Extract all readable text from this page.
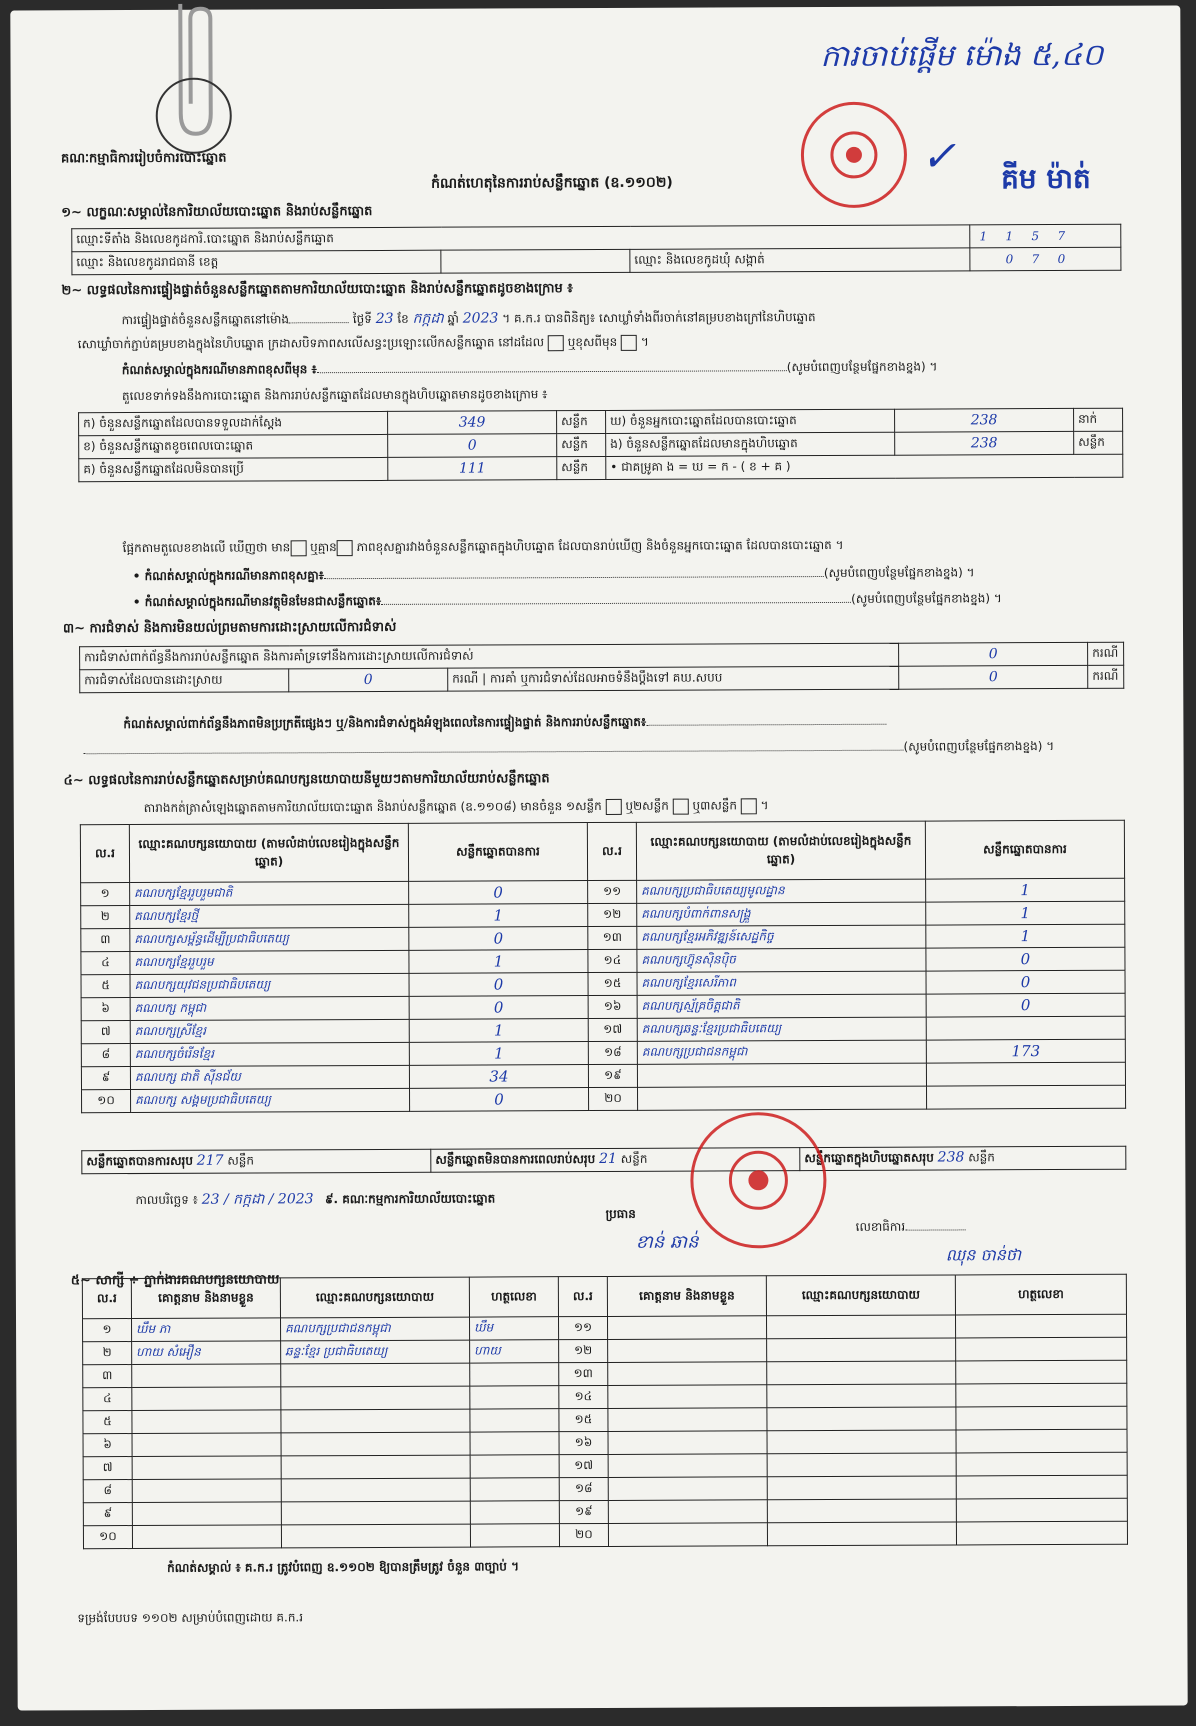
ការចាប់ផ្តើម ម៉ោង ៥,៤០
✓ គីម ម៉ាត់
គណៈកម្មាធិការរៀបចំការបោះឆ្នោត
កំណត់ហេតុនៃការរាប់សន្លឹកឆ្នោត (ឧ.១១០២)
១~ លក្ខណៈសម្គាល់នៃការិយាល័យបោះឆ្នោត និងរាប់សន្លឹកឆ្នោត
ឈ្មោះទីតាំង និងលេខកូដការិ.បោះឆ្នោត និងរាប់សន្លឹកឆ្នោត			1 1 5 7
ឈ្មោះ និងលេខកូដរាជធានី ខេត្ត		ឈ្មោះ និងលេខកូដឃុំ សង្កាត់	0 7 0
២~ លទ្ធផលនៃការផ្ទៀងផ្ទាត់ចំនួនសន្លឹកឆ្នោតតាមការិយាល័យបោះឆ្នោត និងរាប់សន្លឹកឆ្នោតដូចខាងក្រោម ៖
ការផ្ទៀងផ្ទាត់ចំនួនសន្លឹកឆ្នោតនៅម៉ោង	ថ្ងៃទី 23 ខែ កក្កដា ឆ្នាំ 2023 ។ គ.ក.រ បានពិនិត្យ៖ សោឃ្លាំទាំងពីរចាក់នៅគម្របខាងក្រៅនៃហិបឆ្នោត
សោឃ្លាំចាក់ភ្ជាប់គម្របខាងក្នុងនៃហិបឆ្នោត ក្រដាសបិទភាពសលើសន្ធះប្រឡោះលើកសន្លឹកឆ្នោត នៅដដែល ឬខុសពីមុន  ។
កំណត់សម្គាល់ក្នុងករណីមានភាពខុសពីមុន ៖	(សូមបំពេញបន្ថែមផ្នែកខាងខ្នង) ។
តួលេខទាក់ទងនឹងការបោះឆ្នោត និងការរាប់សន្លឹកឆ្នោតដែលមានក្នុងហិបឆ្នោតមានដូចខាងក្រោម ៖
ក) ចំនួនសន្លឹកឆ្នោតដែលបានទទួលដាក់ស្តែង	349	សន្លឹក	ឃ) ចំនួនអ្នកបោះឆ្នោតដែលបានបោះឆ្នោត	238	នាក់
ខ) ចំនួនសន្លឹកឆ្នោតខូចពេលបោះឆ្នោត	0	សន្លឹក	ង) ចំនួនសន្លឹកឆ្នោតដែលមានក្នុងហិបឆ្នោត	238	សន្លឹក
គ) ចំនួនសន្លឹកឆ្នោតដែលមិនបានប្រើ	111	សន្លឹក	• ជាគម្រូគា ង = ឃ = ក - ( ខ + គ )		
ផ្អែកតាមតួលេខខាងលើ ឃើញថា មាន ឬគ្មាន ភាពខុសគ្នារវាងចំនួនសន្លឹកឆ្នោតក្នុងហិបឆ្នោត ដែលបានរាប់ឃើញ និងចំនួនអ្នកបោះឆ្នោត ដែលបានបោះឆ្នោត ។
• កំណត់សម្គាល់ក្នុងករណីមានភាពខុសគ្នា៖	(សូមបំពេញបន្ថែមផ្នែកខាងខ្នង) ។
• កំណត់សម្គាល់ក្នុងករណីមានវត្ថុមិនមែនជាសន្លឹកឆ្នោត៖	(សូមបំពេញបន្ថែមផ្នែកខាងខ្នង) ។
៣~ ការជំទាស់ និងការមិនយល់ព្រមតាមការដោះស្រាយលើការជំទាស់
ការជំទាស់ពាក់ព័ន្ធនឹងការរាប់សន្លឹកឆ្នោត និងការគាំទ្រទៅនឹងការដោះស្រាយលើការជំទាស់			0	ករណី
ការជំទាស់ដែលបានដោះស្រាយ	0	ករណី | ការគាំ ឬការជំទាស់ដែលអាចទំនឹងប្តឹងទៅ គឃ.សបប	0	ករណី
កំណត់សម្គាល់ពាក់ព័ន្ធនឹងភាពមិនប្រក្រតីផ្សេងៗ ឬ/និងការជំទាស់ក្នុងអំឡុងពេលនៃការផ្ទៀងផ្ទាត់ និងការរាប់សន្លឹកឆ្នោត៖
(សូមបំពេញបន្ថែមផ្នែកខាងខ្នង) ។
៤~ លទ្ធផលនៃការរាប់សន្លឹកឆ្នោតសម្រាប់គណបក្សនយោបាយនីមួយៗតាមការិយាល័យរាប់សន្លឹកឆ្នោត
តារាងកត់ត្រាសំឡេងឆ្នោតតាមការិយាល័យបោះឆ្នោត និងរាប់សន្លឹកឆ្នោត (ឧ.១១០៨) មានចំនួន ១សន្លឹក ឬ២សន្លឹក ឬ៣សន្លឹក  ។
ល.រ	ឈ្មោះគណបក្សនយោបាយ (តាមលំដាប់លេខរៀងក្នុងសន្លឹកឆ្នោត)	សន្លឹកឆ្នោតបានការ	ល.រ	ឈ្មោះគណបក្សនយោបាយ (តាមលំដាប់លេខរៀងក្នុងសន្លឹកឆ្នោត)	សន្លឹកឆ្នោតបានការ
១	គណបក្សខ្មែររួបរួមជាតិ	0	១១	គណបក្សប្រជាធិបតេយ្យមូលដ្ឋាន	1
២	គណបក្សខ្មែរថ្មី	1	១២	គណបក្សបំពាក់ពានសង្គ្រួ	1
៣	គណបក្សសម្ព័ន្ធដើម្បីប្រជាធិបតេយ្យ	0	១៣	គណបក្សខ្មែរអភិវឌ្ឍន៍សេដ្ឋកិច្ច	1
៤	គណបក្សខ្មែររួបរួម	1	១៤	គណបក្សហ៊្វុនស៊ិនប៉ិច	0
៥	គណបក្សយុវជនប្រជាធិបតេយ្យ	0	១៥	គណបក្សខ្មែរសេរីភាព	0
៦	គណបក្ស កម្ពុជា	0	១៦	គណបក្សស្ម័គ្រចិត្តជាតិ	0
៧	គណបក្សស្រីខ្មែរ	1	១៧	គណបក្សឆន្ទៈខ្មែរប្រជាធិបតេយ្យ	
៨	គណបក្សចំរើនខ្មែរ	1	១៨	គណបក្សប្រជាជនកម្ពុជា	173
៩	គណបក្ស ជាតិ ស៊ីនជ័យ	34	១៩		
១០	គណបក្ស សង្គមប្រជាធិបតេយ្យ	0	២០		
សន្លឹកឆ្នោតបានការសរុប 217 សន្លឹក	សន្លឹកឆ្នោតមិនបានការពេលរាប់សរុប 21 សន្លឹក	សន្លឹកឆ្នោតក្នុងហិបឆ្នោតសរុប 238 សន្លឹក
កាលបរិច្ឆេទ ៖ 23 / កក្កដា / 2023 ៩. គណៈកម្មការការិយាល័យបោះឆ្នោត
ប្រធាន
ខាន់ ឆាន់
លេខាធិការ
ឈុន ចាន់ថា
៥~ សាក្សី ÷ ភ្នាក់ងារគណបក្សនយោបាយ
ល.រ	គោត្តនាម និងនាមខ្លួន	ឈ្មោះគណបក្សនយោបាយ	ហត្ថលេខា	ល.រ	គោត្តនាម និងនាមខ្លួន	ឈ្មោះគណបក្សនយោបាយ	ហត្ថលេខា
១	ឃឹម ភា	គណបក្សប្រជាជនកម្ពុជា	ឃឹម	១១			
២	ហាយ សំអឿន	ឆន្ទៈខ្មែរ ប្រជាធិបតេយ្យ	ហាយ	១២			
៣				១៣			
៤				១៤			
៥				១៥			
៦				១៦			
៧				១៧			
៨				១៨			
៩				១៩			
១០				២០			
កំណត់សម្គាល់ ៖ គ.ក.រ ត្រូវបំពេញ ឧ.១១០២ ឱ្យបានត្រឹមត្រូវ ចំនួន ៣ច្បាប់ ។
ទម្រង់បែបបទ ១១០២ សម្រាប់បំពេញដោយ គ.ក.រ
